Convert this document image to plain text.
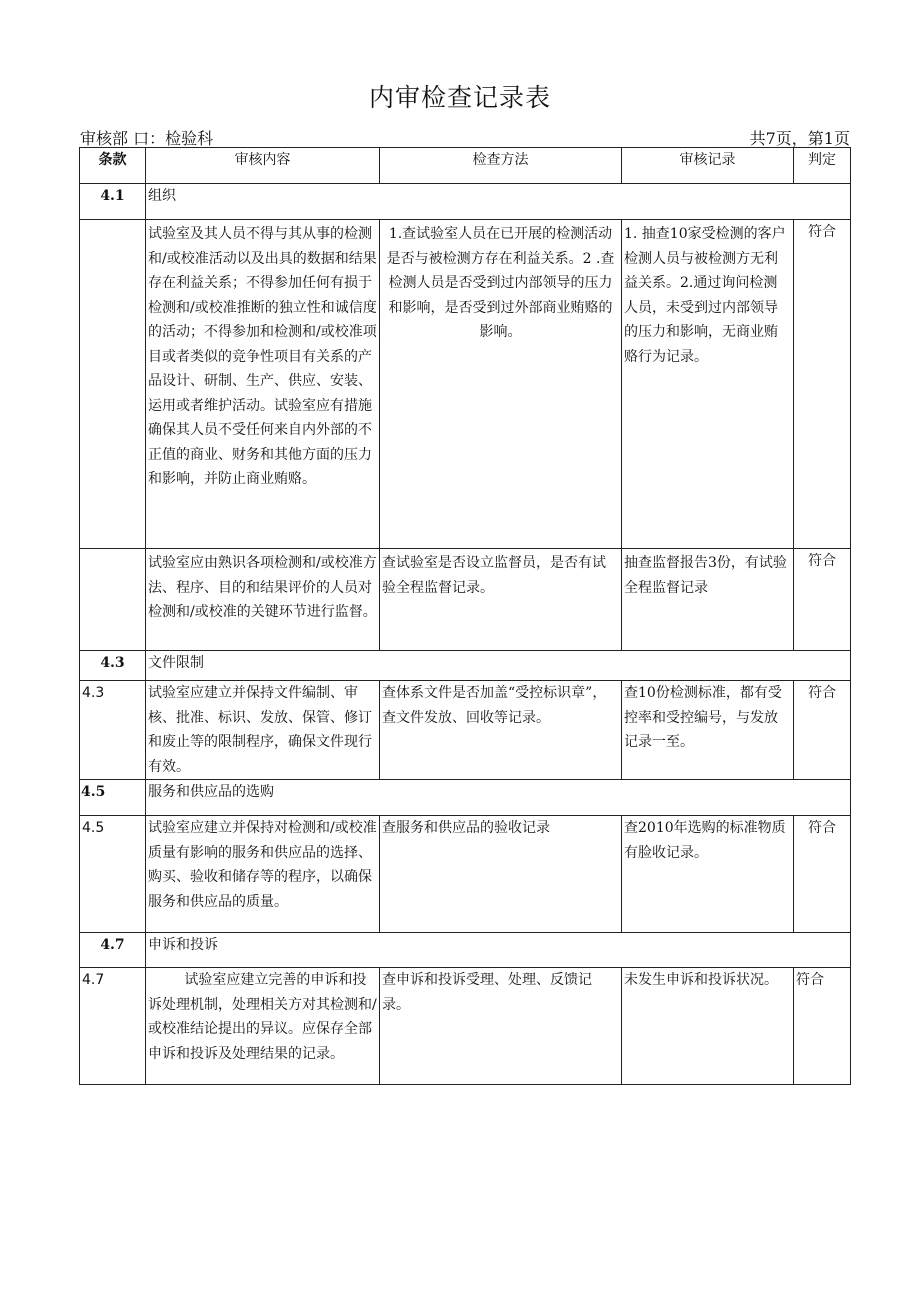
内审检查记录表
审核部 口：检验科	共7页，第1页
条款	审核内容	检查方法	审核记录	判定
4.1	组织			
	试验室及其人员不得与其从事的检测和/或校准活动以及出具的数据和结果存在利益关系；不得参加任何有损于检测和/或校准推断的独立性和诚信度的活动；不得参加和检测和/或校准项目或者类似的竞争性项目有关系的产品设计、研制、生产、供应、安装、运用或者维护活动。试验室应有措施确保其人员不受任何来自内外部的不正值的商业、财务和其他方面的压力和影响，并防止商业贿赂。	1.查试验室人员在已开展的检测活动是否与被检测方存在利益关系。2 .查检测人员是否受到过内部领导的压力和影响，是否受到过外部商业贿赂的影响。	1. 抽查10家受检测的客户检测人员与被检测方无利益关系。2.通过询问检测人员，未受到过内部领导的压力和影响，无商业贿赂行为记录。	符合
	试验室应由熟识各项检测和/或校准方法、程序、目的和结果评价的人员对检测和/或校准的关键环节进行监督。	查试验室是否设立监督员，是否有试验全程监督记录。	抽查监督报告3份，有试验全程监督记录	符合
4.3	文件限制			
4.3	试验室应建立并保持文件编制、审核、批准、标识、发放、保管、修订和废止等的限制程序，确保文件现行有效。	查体系文件是否加盖“受控标识章”，查文件发放、回收等记录。	查10份检测标准，都有受控率和受控编号，与发放记录一至。	符合
4.5	服务和供应品的选购			
4.5	试验室应建立并保持对检测和/或校准质量有影响的服务和供应品的选择、购买、验收和储存等的程序，以确保服务和供应品的质量。	查服务和供应品的验收记录	查2010年选购的标准物质有脸收记录。	符合
4.7	申诉和投诉			
4.7	试验室应建立完善的申诉和投诉处理机制，处理相关方对其检测和/或校准结论提出的异议。应保存全部申诉和投诉及处理结果的记录。	查申诉和投诉受理、处理、反馈记录。	未发生申诉和投诉状况。	符合
